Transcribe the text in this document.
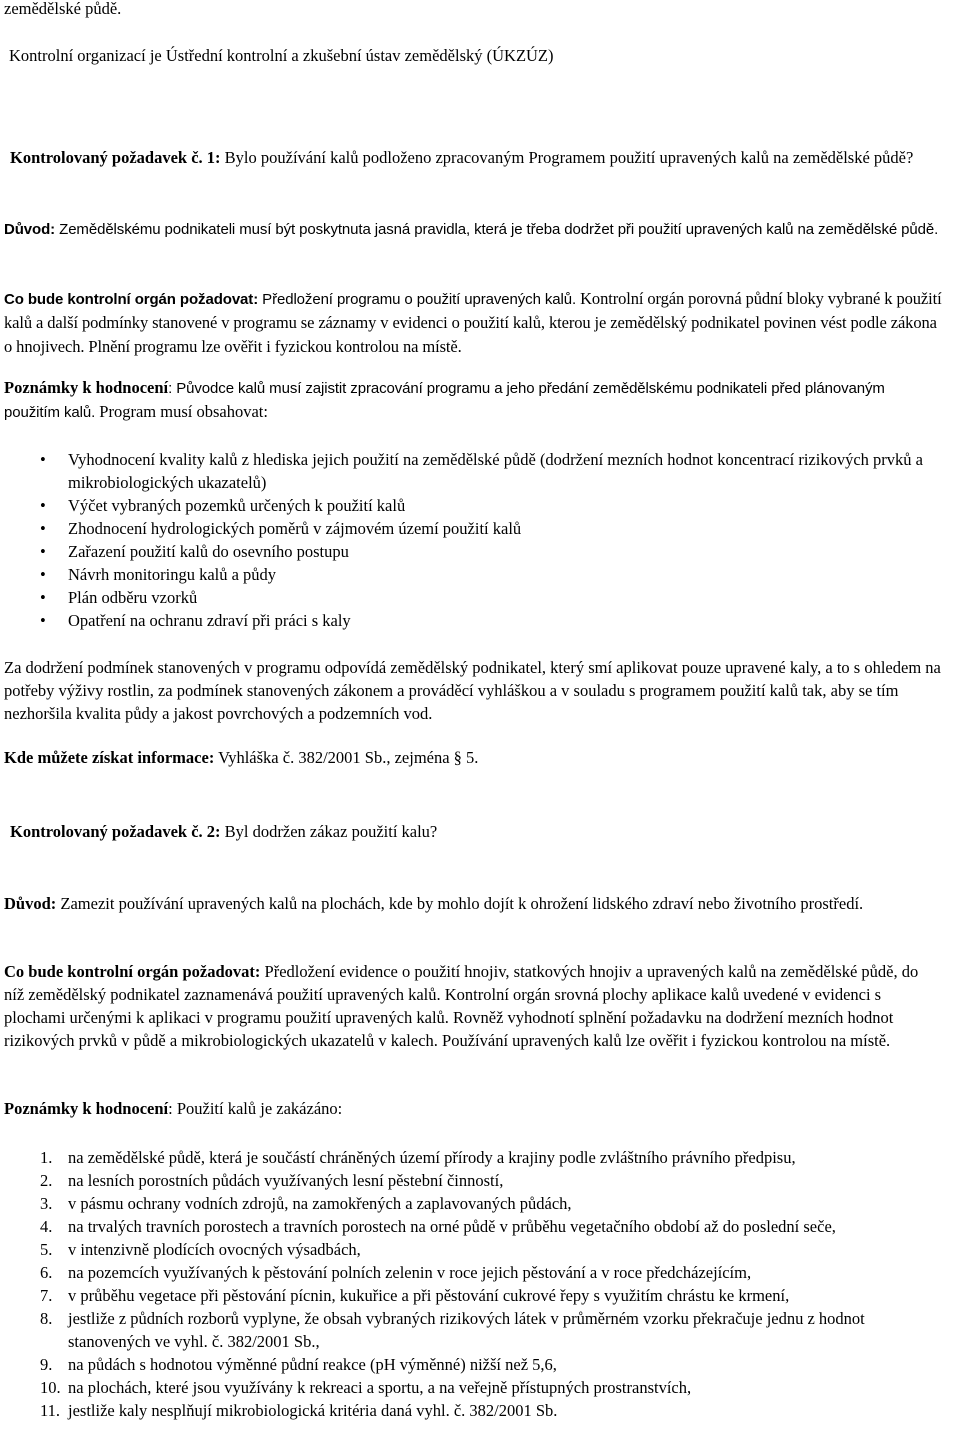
zemědělské půdě.

Kontrolní organizací je Ústřední kontrolní a zkušební ústav zemědělský (ÚKZÚZ)

Kontrolovaný požadavek č. 1: Bylo používání kalů podloženo zpracovaným Programem použití upravených kalů na zemědělské půdě?

Důvod: Zemědělskému podnikateli musí být poskytnuta jasná pravidla, která je třeba dodržet při použití upravených kalů na zemědělské půdě.

Co bude kontrolní orgán požadovat: Předložení programu o použití upravených kalů. Kontrolní orgán porovná půdní bloky vybrané k použití kalů a další podmínky stanovené v programu se záznamy v evidenci o použití kalů, kterou je zemědělský podnikatel povinen vést podle zákona o hnojivech. Plnění programu lze ověřit i fyzickou kontrolou na místě.

Poznámky k hodnocení: Původce kalů musí zajistit zpracování programu a jeho předání zemědělskému podnikateli před plánovaným použitím kalů. Program musí obsahovat:

• Vyhodnocení kvality kalů z hlediska jejich použití na zemědělské půdě (dodržení mezních hodnot koncentrací rizikových prvků a mikrobiologických ukazatelů)
• Výčet vybraných pozemků určených k použití kalů
• Zhodnocení hydrologických poměrů v zájmovém území použití kalů
• Zařazení použití kalů do osevního postupu
• Návrh monitoringu kalů a půdy
• Plán odběru vzorků
• Opatření na ochranu zdraví při práci s kaly

Za dodržení podmínek stanovených v programu odpovídá zemědělský podnikatel, který smí aplikovat pouze upravené kaly, a to s ohledem na potřeby výživy rostlin, za podmínek stanovených zákonem a prováděcí vyhláškou a v souladu s programem použití kalů tak, aby se tím nezhoršila kvalita půdy a jakost povrchových a podzemních vod.

Kde můžete získat informace: Vyhláška č. 382/2001 Sb., zejména § 5.

Kontrolovaný požadavek č. 2: Byl dodržen zákaz použití kalu?

Důvod: Zamezit používání upravených kalů na plochách, kde by mohlo dojít k ohrožení lidského zdraví nebo životního prostředí.

Co bude kontrolní orgán požadovat: Předložení evidence o použití hnojiv, statkových hnojiv a upravených kalů na zemědělské půdě, do níž zemědělský podnikatel zaznamenává použití upravených kalů. Kontrolní orgán srovná plochy aplikace kalů uvedené v evidenci s plochami určenými k aplikaci v programu použití upravených kalů. Rovněž vyhodnotí splnění požadavku na dodržení mezních hodnot rizikových prvků v půdě a mikrobiologických ukazatelů v kalech. Používání upravených kalů lze ověřit i fyzickou kontrolou na místě.

Poznámky k hodnocení: Použití kalů je zakázáno:

1. na zemědělské půdě, která je součástí chráněných území přírody a krajiny podle zvláštního právního předpisu,
2. na lesních porostních půdách využívaných lesní pěstební činností,
3. v pásmu ochrany vodních zdrojů, na zamokřených a zaplavovaných půdách,
4. na trvalých travních porostech a travních porostech na orné půdě v průběhu vegetačního období až do poslední seče,
5. v intenzivně plodících ovocných výsadbách,
6. na pozemcích využívaných k pěstování polních zelenin v roce jejich pěstování a v roce předcházejícím,
7. v průběhu vegetace při pěstování pícnin, kukuřice a při pěstování cukrové řepy s využitím chrástu ke krmení,
8. jestliže z půdních rozborů vyplyne, že obsah vybraných rizikových látek v průměrném vzorku překračuje jednu z hodnot stanovených ve vyhl. č. 382/2001 Sb.,
9. na půdách s hodnotou výměnné půdní reakce (pH výměnné) nižší než 5,6,
10. na plochách, které jsou využívány k rekreaci a sportu, a na veřejně přístupných prostranstvích,
11. jestliže kaly nesplňují mikrobiologická kritéria daná vyhl. č. 382/2001 Sb.
